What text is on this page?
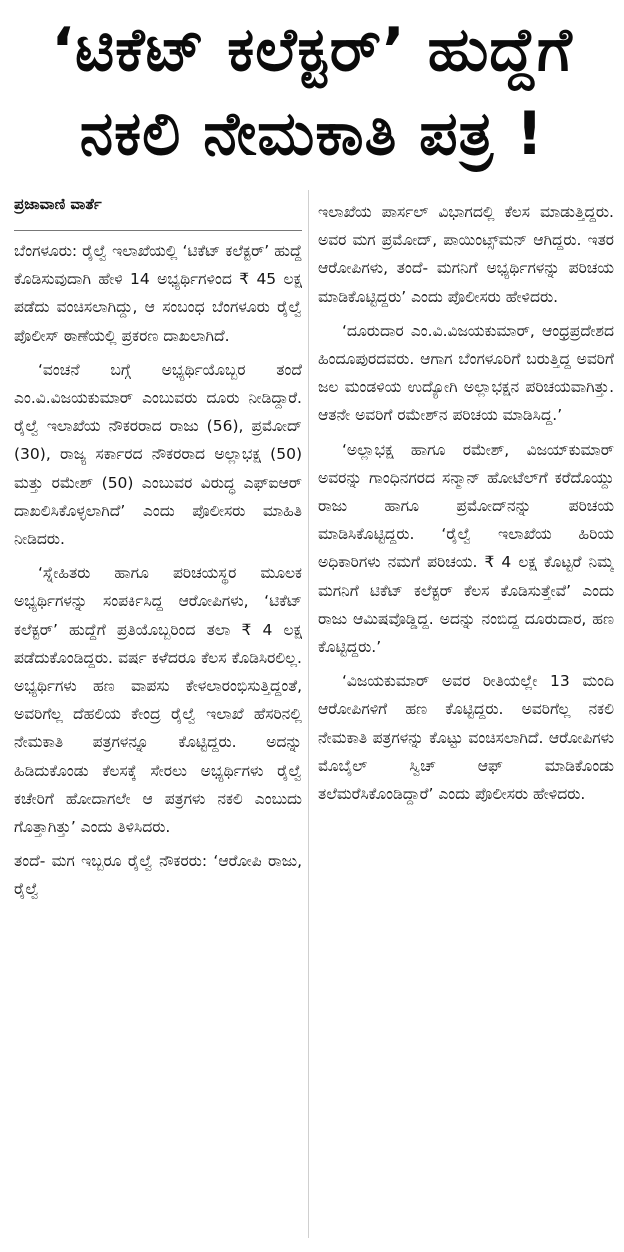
‘ಟಿಕೆಟ್ ಕಲೆಕ್ಟರ್’ ಹುದ್ದೆಗೆ
ನಕಲಿ ನೇಮಕಾತಿ ಪತ್ರ !
ಪ್ರಜಾವಾಣಿ ವಾರ್ತೆ

ಬೆಂಗಳೂರು: ರೈಲ್ವೆ ಇಲಾಖೆಯಲ್ಲಿ ‘ಟಿಕೆಟ್ ಕಲೆಕ್ಟರ್’ ಹುದ್ದೆ ಕೊಡಿಸುವುದಾಗಿ ಹೇಳಿ 14 ಅಭ್ಯರ್ಥಿಗಳಿಂದ ₹ 45 ಲಕ್ಷ ಪಡೆದು ವಂಚಿಸಲಾಗಿದ್ದು, ಆ ಸಂಬಂಧ ಬೆಂಗಳೂರು ರೈಲ್ವೆ ಪೊಲೀಸ್ ಠಾಣೆಯಲ್ಲಿ ಪ್ರಕರಣ ದಾಖಲಾಗಿದೆ.

‘ವಂಚನೆ ಬಗ್ಗೆ ಅಭ್ಯರ್ಥಿಯೊಬ್ಬರ ತಂದೆ ಎಂ.ವಿ.ವಿಜಯಕುಮಾರ್ ಎಂಬುವರು ದೂರು ನೀಡಿದ್ದಾರೆ. ರೈಲ್ವೆ ಇಲಾಖೆಯ ನೌಕರರಾದ ರಾಜು (56), ಪ್ರಮೋದ್ (30), ರಾಜ್ಯ ಸರ್ಕಾರದ ನೌಕರರಾದ ಅಲ್ಲಾಭಕ್ಷ (50) ಮತ್ತು ರಮೇಶ್ (50) ಎಂಬುವರ ವಿರುದ್ಧ ಎಫ್ಐಆರ್ ದಾಖಲಿಸಿಕೊಳ್ಳಲಾಗಿದೆ’ ಎಂದು ಪೊಲೀಸರು ಮಾಹಿತಿ ನೀಡಿದರು.

‘ಸ್ನೇಹಿತರು ಹಾಗೂ ಪರಿಚಯಸ್ಥರ ಮೂಲಕ ಅಭ್ಯರ್ಥಿಗಳನ್ನು ಸಂಪರ್ಕಿಸಿದ್ದ ಆರೋಪಿಗಳು, ‘ಟಿಕೆಟ್ ಕಲೆಕ್ಟರ್’ ಹುದ್ದೆಗೆ ಪ್ರತಿಯೊಬ್ಬರಿಂದ ತಲಾ ₹ 4 ಲಕ್ಷ ಪಡೆದುಕೊಂಡಿದ್ದರು. ವರ್ಷ ಕಳೆದರೂ ಕೆಲಸ ಕೊಡಿಸಿರಲಿಲ್ಲ. ಅಭ್ಯರ್ಥಿಗಳು ಹಣ ವಾಪಸು ಕೇಳಲಾರಂಭಿಸುತ್ತಿದ್ದಂತೆ, ಅವರಿಗೆಲ್ಲ ದೆಹಲಿಯ ಕೇಂದ್ರ ರೈಲ್ವೆ ಇಲಾಖೆ ಹೆಸರಿನಲ್ಲಿ ನೇಮಕಾತಿ ಪತ್ರಗಳನ್ನೂ ಕೊಟ್ಟಿದ್ದರು. ಅದನ್ನು ಹಿಡಿದುಕೊಂಡು ಕೆಲಸಕ್ಕೆ ಸೇರಲು ಅಭ್ಯರ್ಥಿಗಳು ರೈಲ್ವೆ ಕಚೇರಿಗೆ ಹೋದಾಗಲೇ ಆ ಪತ್ರಗಳು ನಕಲಿ ಎಂಬುದು ಗೊತ್ತಾಗಿತ್ತು’ ಎಂದು ತಿಳಿಸಿದರು.

ತಂದೆ- ಮಗ ಇಬ್ಬರೂ ರೈಲ್ವೆ ನೌಕರರು: ‘ಆರೋಪಿ ರಾಜು, ರೈಲ್ವೆ

ಇಲಾಖೆಯ ಪಾರ್ಸಲ್ ವಿಭಾಗದಲ್ಲಿ ಕೆಲಸ ಮಾಡುತ್ತಿದ್ದರು. ಅವರ ಮಗ ಪ್ರಮೋದ್, ಪಾಯಿಂಟ್ಸ್‌ಮನ್ ಆಗಿದ್ದರು. ಇತರ ಆರೋಪಿಗಳು, ತಂದೆ- ಮಗನಿಗೆ ಅಭ್ಯರ್ಥಿಗಳನ್ನು ಪರಿಚಯ ಮಾಡಿಕೊಟ್ಟಿದ್ದರು’ ಎಂದು ಪೊಲೀಸರು ಹೇಳಿದರು.

‘ದೂರುದಾರ ಎಂ.ವಿ.ವಿಜಯಕುಮಾರ್, ಆಂಧ್ರಪ್ರದೇಶದ ಹಿಂದೂಪುರದವರು. ಆಗಾಗ ಬೆಂಗಳೂರಿಗೆ ಬರುತ್ತಿದ್ದ ಅವರಿಗೆ ಜಲ ಮಂಡಳಿಯ ಉದ್ಯೋಗಿ ಅಲ್ಲಾಭಕ್ಷನ ಪರಿಚಯವಾಗಿತ್ತು. ಆತನೇ ಅವರಿಗೆ ರಮೇಶ್‌ನ ಪರಿಚಯ ಮಾಡಿಸಿದ್ದ.’

‘ಅಲ್ಲಾಭಕ್ಷ ಹಾಗೂ ರಮೇಶ್, ವಿಜಯ್‌ಕುಮಾರ್ ಅವರನ್ನು ಗಾಂಧಿನಗರದ ಸನ್ಮಾನ್ ಹೋಟೆಲ್‌ಗೆ ಕರೆದೊಯ್ದು ರಾಜು ಹಾಗೂ ಪ್ರಮೋದ್‌ನನ್ನು ಪರಿಚಯ ಮಾಡಿಸಿಕೊಟ್ಟಿದ್ದರು. ‘ರೈಲ್ವೆ ಇಲಾಖೆಯ ಹಿರಿಯ ಅಧಿಕಾರಿಗಳು ನಮಗೆ ಪರಿಚಯ. ₹ 4 ಲಕ್ಷ ಕೊಟ್ಟರೆ ನಿಮ್ಮ ಮಗನಿಗೆ ಟಿಕೆಟ್ ಕಲೆಕ್ಟರ್ ಕೆಲಸ ಕೊಡಿಸುತ್ತೇವೆ’ ಎಂದು ರಾಜು ಆಮಿಷವೊಡ್ಡಿದ್ದ. ಅದನ್ನು ನಂಬಿದ್ದ ದೂರುದಾರ, ಹಣ ಕೊಟ್ಟಿದ್ದರು.’

‘ವಿಜಯಕುಮಾರ್ ಅವರ ರೀತಿಯಲ್ಲೇ 13 ಮಂದಿ ಆರೋಪಿಗಳಿಗೆ ಹಣ ಕೊಟ್ಟಿದ್ದರು. ಅವರಿಗೆಲ್ಲ ನಕಲಿ ನೇಮಕಾತಿ ಪತ್ರಗಳನ್ನು ಕೊಟ್ಟು ವಂಚಿಸಲಾಗಿದೆ. ಆರೋಪಿಗಳು ಮೊಬೈಲ್ ಸ್ವಿಚ್ ಆಫ್ ಮಾಡಿಕೊಂಡು ತಲೆಮರೆಸಿಕೊಂಡಿದ್ದಾರೆ’ ಎಂದು ಪೊಲೀಸರು ಹೇಳಿದರು.
